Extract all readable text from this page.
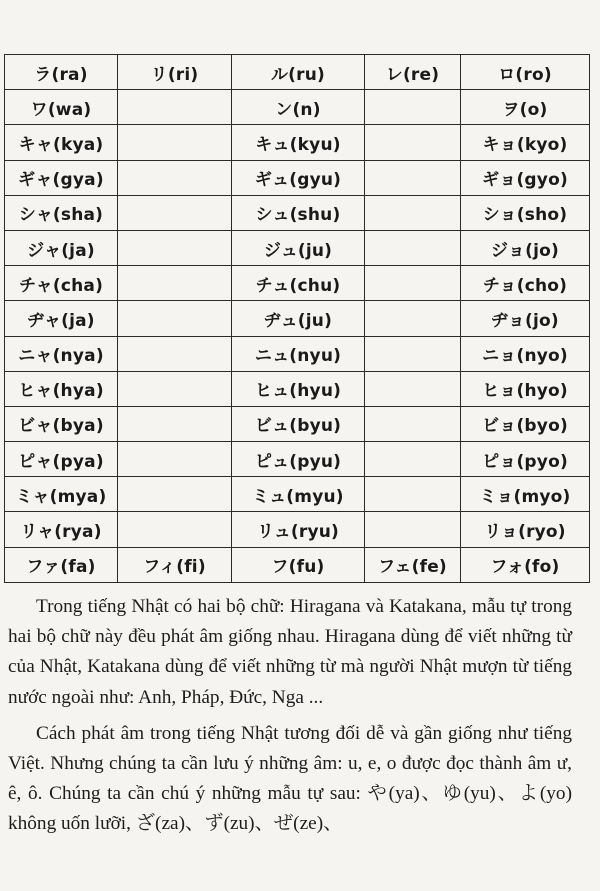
ラ(ra)	リ(ri)	ル(ru)	レ(re)	ロ(ro)
ワ(wa)		ン(n)		ヲ(o)
キャ(kya)		キュ(kyu)		キョ(kyo)
ギャ(gya)		ギュ(gyu)		ギョ(gyo)
シャ(sha)		シュ(shu)		ショ(sho)
ジャ(ja)		ジュ(ju)		ジョ(jo)
チャ(cha)		チュ(chu)		チョ(cho)
ヂャ(ja)		ヂュ(ju)		ヂョ(jo)
ニャ(nya)		ニュ(nyu)		ニョ(nyo)
ヒャ(hya)		ヒュ(hyu)		ヒョ(hyo)
ビャ(bya)		ビュ(byu)		ビョ(byo)
ピャ(pya)		ピュ(pyu)		ピョ(pyo)
ミャ(mya)		ミュ(myu)		ミョ(myo)
リャ(rya)		リュ(ryu)		リョ(ryo)
ファ(fa)	フィ(fi)	フ(fu)	フェ(fe)	フォ(fo)

Trong tiếng Nhật có hai bộ chữ: Hiragana và Katakana, mẫu tự trong hai bộ chữ này đều phát âm giống nhau. Hiragana dùng để viết những từ của Nhật, Katakana dùng để viết những từ mà người Nhật mượn từ tiếng nước ngoài như: Anh, Pháp, Đức, Nga ...

Cách phát âm trong tiếng Nhật tương đối dễ và gần giống như tiếng Việt. Nhưng chúng ta cần lưu ý những âm: u, e, o được đọc thành âm ư, ê, ô. Chúng ta cần chú ý những mẫu tự sau: や(ya)、ゆ(yu)、よ(yo) không uốn lưỡi, ざ(za)、ず(zu)、ぜ(ze)、
